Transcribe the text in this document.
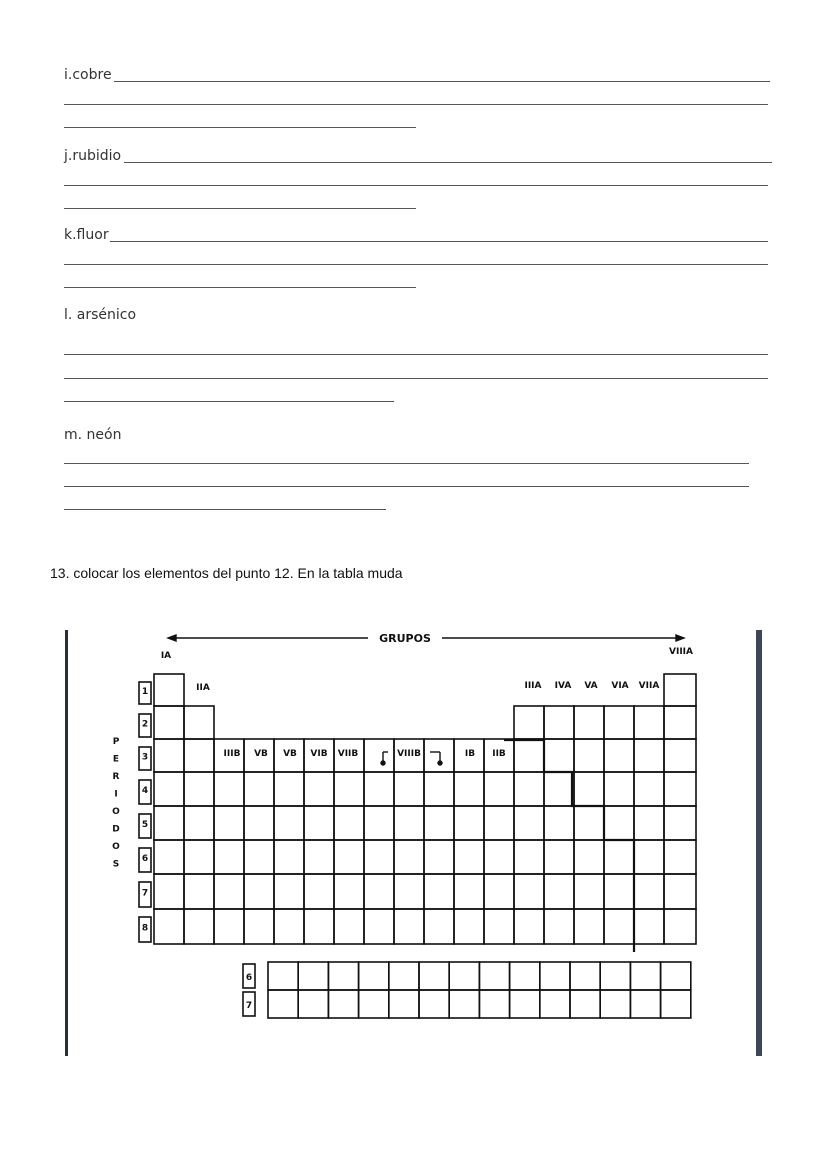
i.cobre
j.rubidio
k.fluor
l. arsénico
m. neón
13. colocar los elementos del punto 12. En la tabla muda
1
2
3
4
5
6
7
8
6
7
P
E
R
I
O
D
O
S
GRUPOS
IA	VIIIA
IIA	IIIA IVA VA VIA VIIA
IIIB VB VB VIB VIIB	VIIIB	IB IIB
